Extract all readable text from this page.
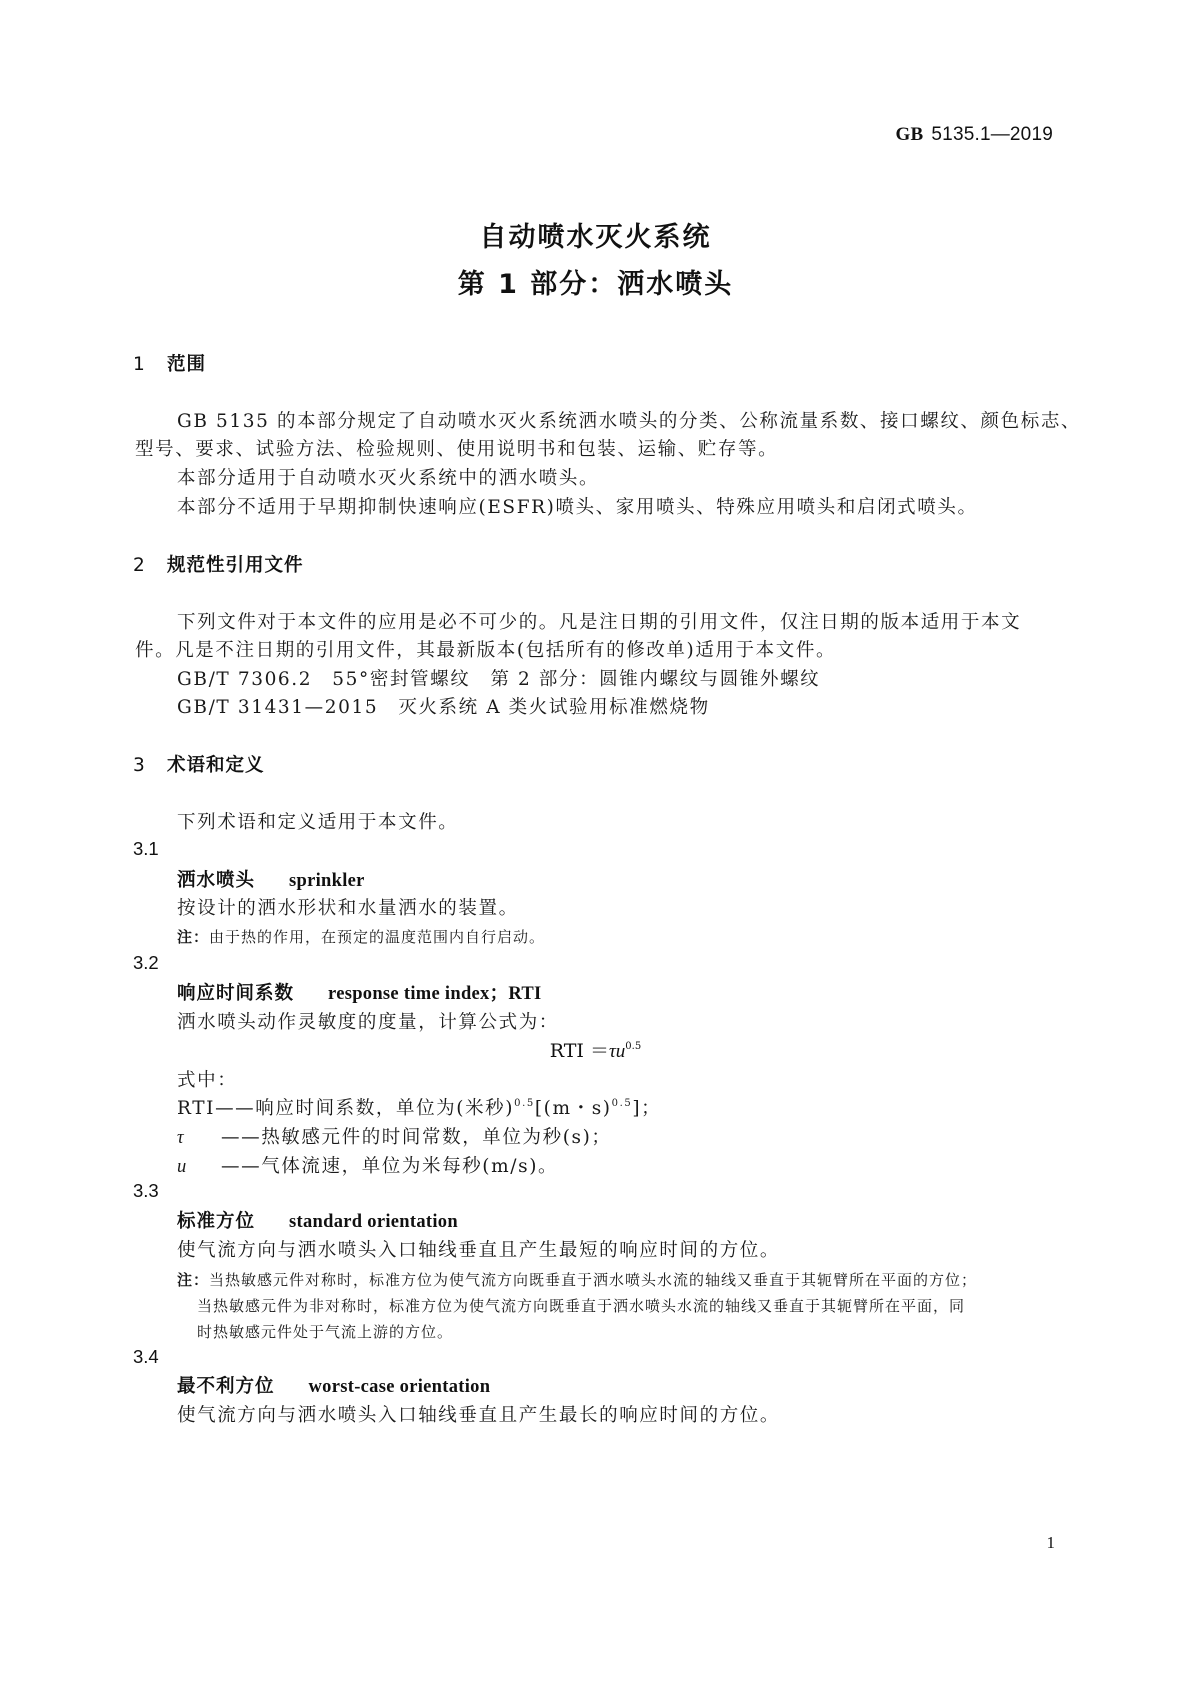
GB 5135.1—2019
自动喷水灭火系统
第 1 部分：洒水喷头
1 范围
GB 5135 的本部分规定了自动喷水灭火系统洒水喷头的分类、公称流量系数、接口螺纹、颜色标志、
型号、要求、试验方法、检验规则、使用说明书和包装、运输、贮存等。
本部分适用于自动喷水灭火系统中的洒水喷头。
本部分不适用于早期抑制快速响应(ESFR)喷头、家用喷头、特殊应用喷头和启闭式喷头。
2 规范性引用文件
下列文件对于本文件的应用是必不可少的。凡是注日期的引用文件，仅注日期的版本适用于本文
件。凡是不注日期的引用文件，其最新版本(包括所有的修改单)适用于本文件。
GB/T 7306.2　55°密封管螺纹　第 2 部分：圆锥内螺纹与圆锥外螺纹
GB/T 31431—2015　灭火系统 A 类火试验用标准燃烧物
3 术语和定义
下列术语和定义适用于本文件。
3.1
洒水喷头 sprinkler
按设计的洒水形状和水量洒水的装置。
注：由于热的作用，在预定的温度范围内自行启动。
3.2
响应时间系数 response time index；RTI
洒水喷头动作灵敏度的度量，计算公式为：
RTI $=\tau u^{0.5}$
式中：
RTI——响应时间系数，单位为(米秒)$^{0.5}$[(m・s)$^{0.5}$]；
τ ——热敏感元件的时间常数，单位为秒(s)；
u ——气体流速，单位为米每秒(m/s)。
3.3
标准方位 standard orientation
使气流方向与洒水喷头入口轴线垂直且产生最短的响应时间的方位。
注：当热敏感元件对称时，标准方位为使气流方向既垂直于洒水喷头水流的轴线又垂直于其轭臂所在平面的方位；
当热敏感元件为非对称时，标准方位为使气流方向既垂直于洒水喷头水流的轴线又垂直于其轭臂所在平面，同
时热敏感元件处于气流上游的方位。
3.4
最不利方位 worst-case orientation
使气流方向与洒水喷头入口轴线垂直且产生最长的响应时间的方位。
1
